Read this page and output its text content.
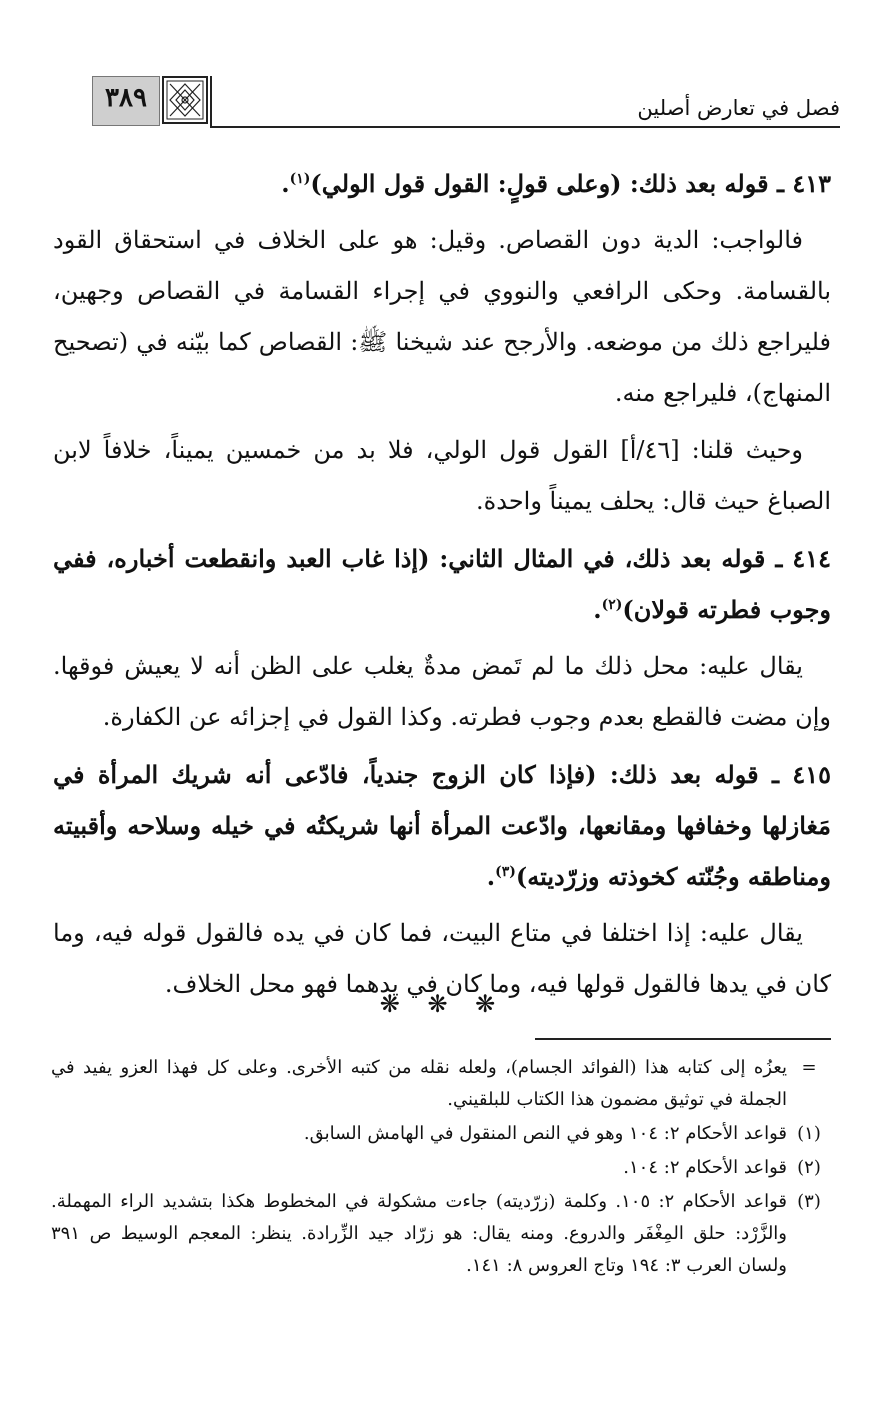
٣٨٩	فصل في تعارض أصلين

٤١٣ ـ قوله بعد ذلك: (وعلى قولٍ: القول قول الولي)$^{(١)}$.

فالواجب: الدية دون القصاص. وقيل: هو على الخلاف في استحقاق القود بالقسامة. وحكى الرافعي والنووي في إجراء القسامة في القصاص وجهين، فليراجع ذلك من موضعه. والأرجح عند شيخنا ﷺ: القصاص كما بيّنه في (تصحيح المنهاج)، فليراجع منه.

وحيث قلنا: [٤٦/أ] القول قول الولي، فلا بد من خمسين يميناً، خلافاً لابن الصباغ حيث قال: يحلف يميناً واحدة.

٤١٤ ـ قوله بعد ذلك، في المثال الثاني: (إذا غاب العبد وانقطعت أخباره، ففي وجوب فطرته قولان)$^{(٢)}$.

يقال عليه: محل ذلك ما لم تَمض مدةٌ يغلب على الظن أنه لا يعيش فوقها. وإن مضت فالقطع بعدم وجوب فطرته. وكذا القول في إجزائه عن الكفارة.

٤١٥ ـ قوله بعد ذلك: (فإذا كان الزوج جندياً، فادّعى أنه شريك المرأة في مَغازلها وخفافها ومقانعها، وادّعت المرأة أنها شريكتُه في خيله وسلاحه وأقبيته ومناطقه وجُنّته كخوذته وزرّديته)$^{(٣)}$.

يقال عليه: إذا اختلفا في متاع البيت، فما كان في يده فالقول قوله فيه، وما كان في يدها فالقول قولها فيه، وما كان في يدهما فهو محل الخلاف.

❋ ❋ ❋
=
يعزُه إلى كتابه هذا (الفوائد الجسام)، ولعله نقله من كتبه الأخرى. وعلى كل فهذا العزو يفيد في الجملة في توثيق مضمون هذا الكتاب للبلقيني.
(١)
قواعد الأحكام ٢: ١٠٤ وهو في النص المنقول في الهامش السابق.
(٢)
قواعد الأحكام ٢: ١٠٤.
(٣)
قواعد الأحكام ٢: ١٠٥. وكلمة (زرّديته) جاءت مشكولة في المخطوط هكذا بتشديد الراء المهملة. والزَّرْد: حلق المِغْفَر والدروع. ومنه يقال: هو زرّاد جيد الزِّرادة. ينظر: المعجم الوسيط ص ٣٩١ ولسان العرب ٣: ١٩٤ وتاج العروس ٨: ١٤١.
